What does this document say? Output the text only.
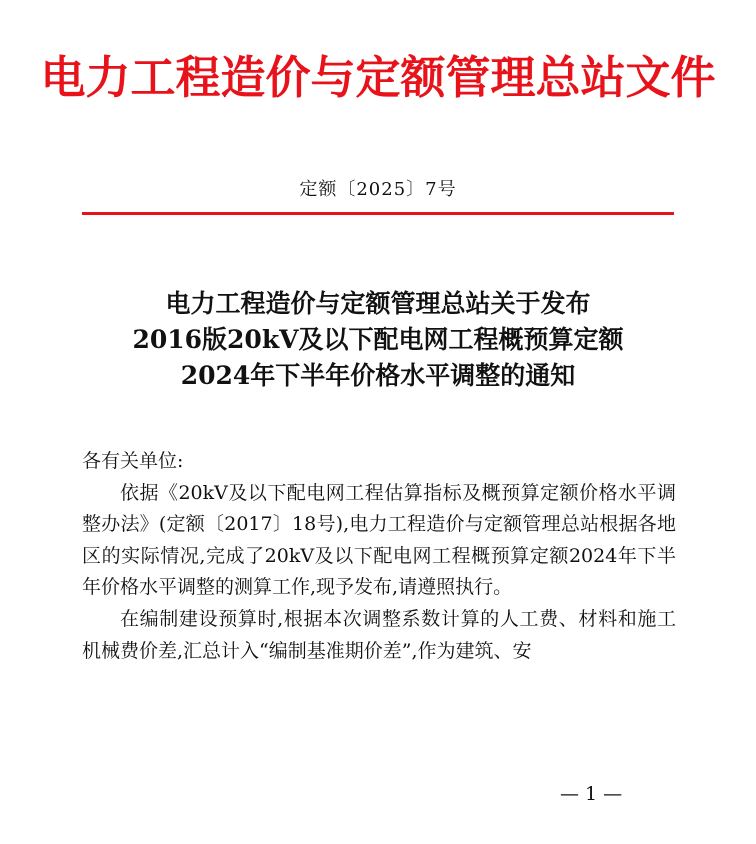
电力工程造价与定额管理总站文件
定额〔2025〕7号
电力工程造价与定额管理总站关于发布
2016版20kV及以下配电网工程概预算定额
2024年下半年价格水平调整的通知

各有关单位:

依据《20kV及以下配电网工程估算指标及概预算定额价格水平调整办法》(定额〔2017〕18号),电力工程造价与定额管理总站根据各地区的实际情况,完成了20kV及以下配电网工程概预算定额2024年下半年价格水平调整的测算工作,现予发布,请遵照执行。

在编制建设预算时,根据本次调整系数计算的人工费、材料和施工机械费价差,汇总计入“编制基准期价差”,作为建筑、安

— 1 —
